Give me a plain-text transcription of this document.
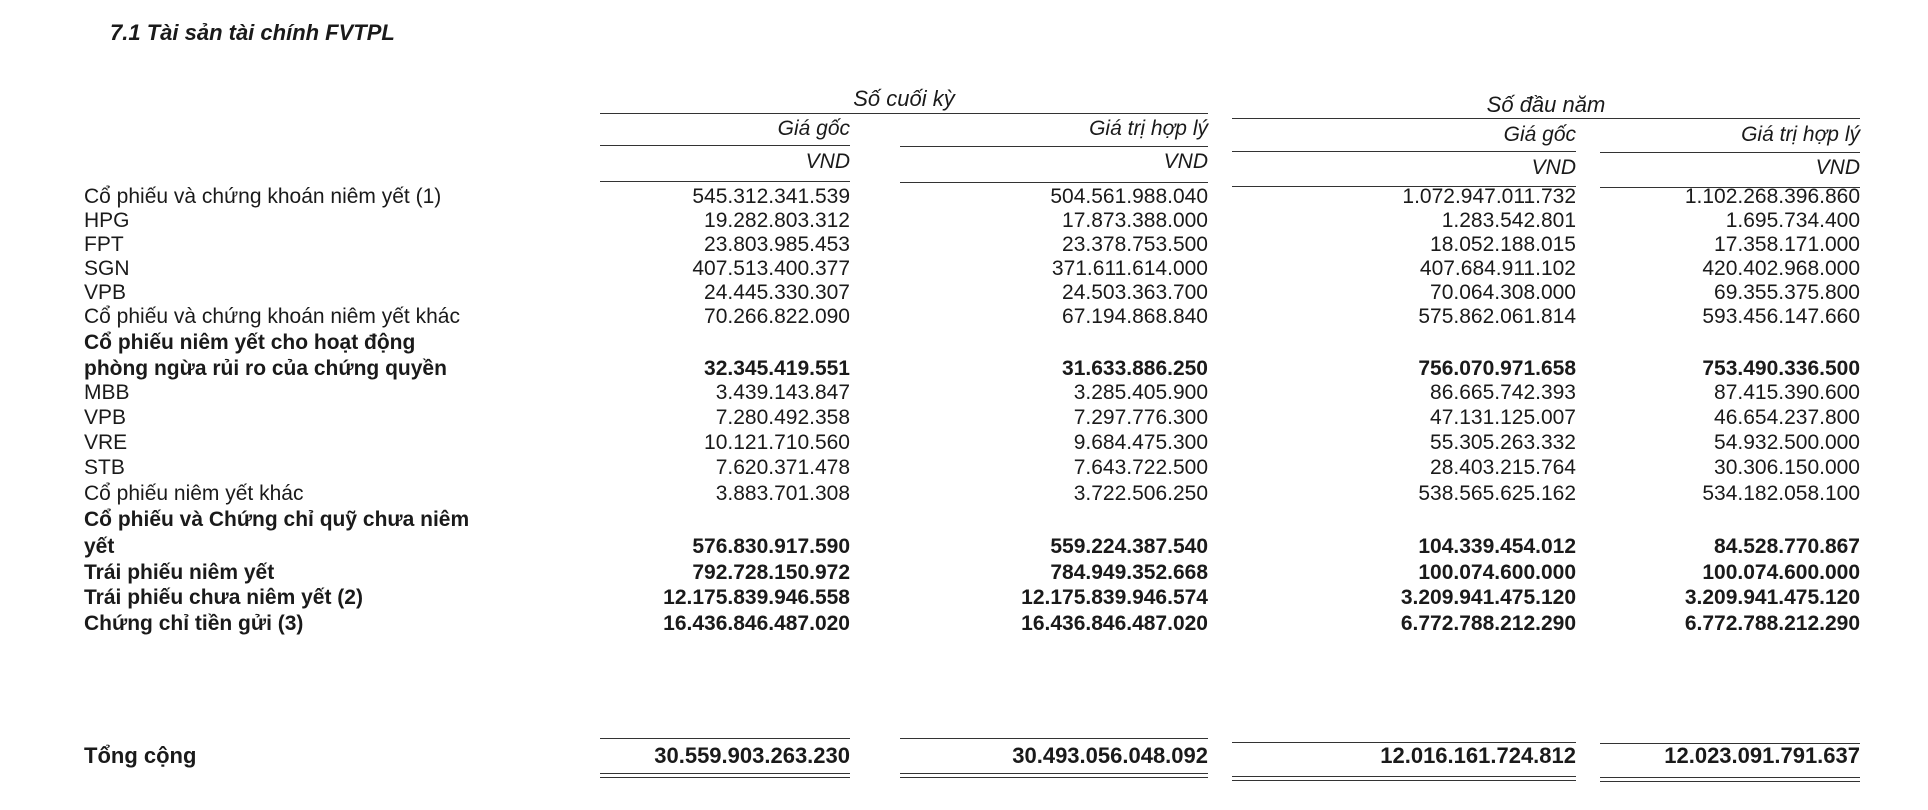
7.1 Tài sản tài chính FVTPL
Số cuối kỳ	Số đầu năm
Giá gốc	Giá trị hợp lý	Giá gốc	Giá trị hợp lý
VND	VND	VND	VND
Cổ phiếu và chứng khoán niêm yết (1)	545.312.341.539	504.561.988.040	1.072.947.011.732	1.102.268.396.860
HPG	19.282.803.312	17.873.388.000	1.283.542.801	1.695.734.400
FPT	23.803.985.453	23.378.753.500	18.052.188.015	17.358.171.000
SGN	407.513.400.377	371.611.614.000	407.684.911.102	420.402.968.000
VPB	24.445.330.307	24.503.363.700	70.064.308.000	69.355.375.800
Cổ phiếu và chứng khoán niêm yết khác	70.266.822.090	67.194.868.840	575.862.061.814	593.456.147.660
Cổ phiếu niêm yết cho hoạt động
phòng ngừa rủi ro của chứng quyền	32.345.419.551	31.633.886.250	756.070.971.658	753.490.336.500
MBB	3.439.143.847	3.285.405.900	86.665.742.393	87.415.390.600
VPB	7.280.492.358	7.297.776.300	47.131.125.007	46.654.237.800
VRE	10.121.710.560	9.684.475.300	55.305.263.332	54.932.500.000
STB	7.620.371.478	7.643.722.500	28.403.215.764	30.306.150.000
Cổ phiếu niêm yết khác	3.883.701.308	3.722.506.250	538.565.625.162	534.182.058.100
Cổ phiếu và Chứng chỉ quỹ chưa niêm
yết	576.830.917.590	559.224.387.540	104.339.454.012	84.528.770.867
Trái phiếu niêm yết	792.728.150.972	784.949.352.668	100.074.600.000	100.074.600.000
Trái phiếu chưa niêm yết (2)	12.175.839.946.558	12.175.839.946.574	3.209.941.475.120	3.209.941.475.120
Chứng chỉ tiền gửi (3)	16.436.846.487.020	16.436.846.487.020	6.772.788.212.290	6.772.788.212.290
Tổng cộng	30.559.903.263.230	30.493.056.048.092	12.016.161.724.812	12.023.091.791.637
